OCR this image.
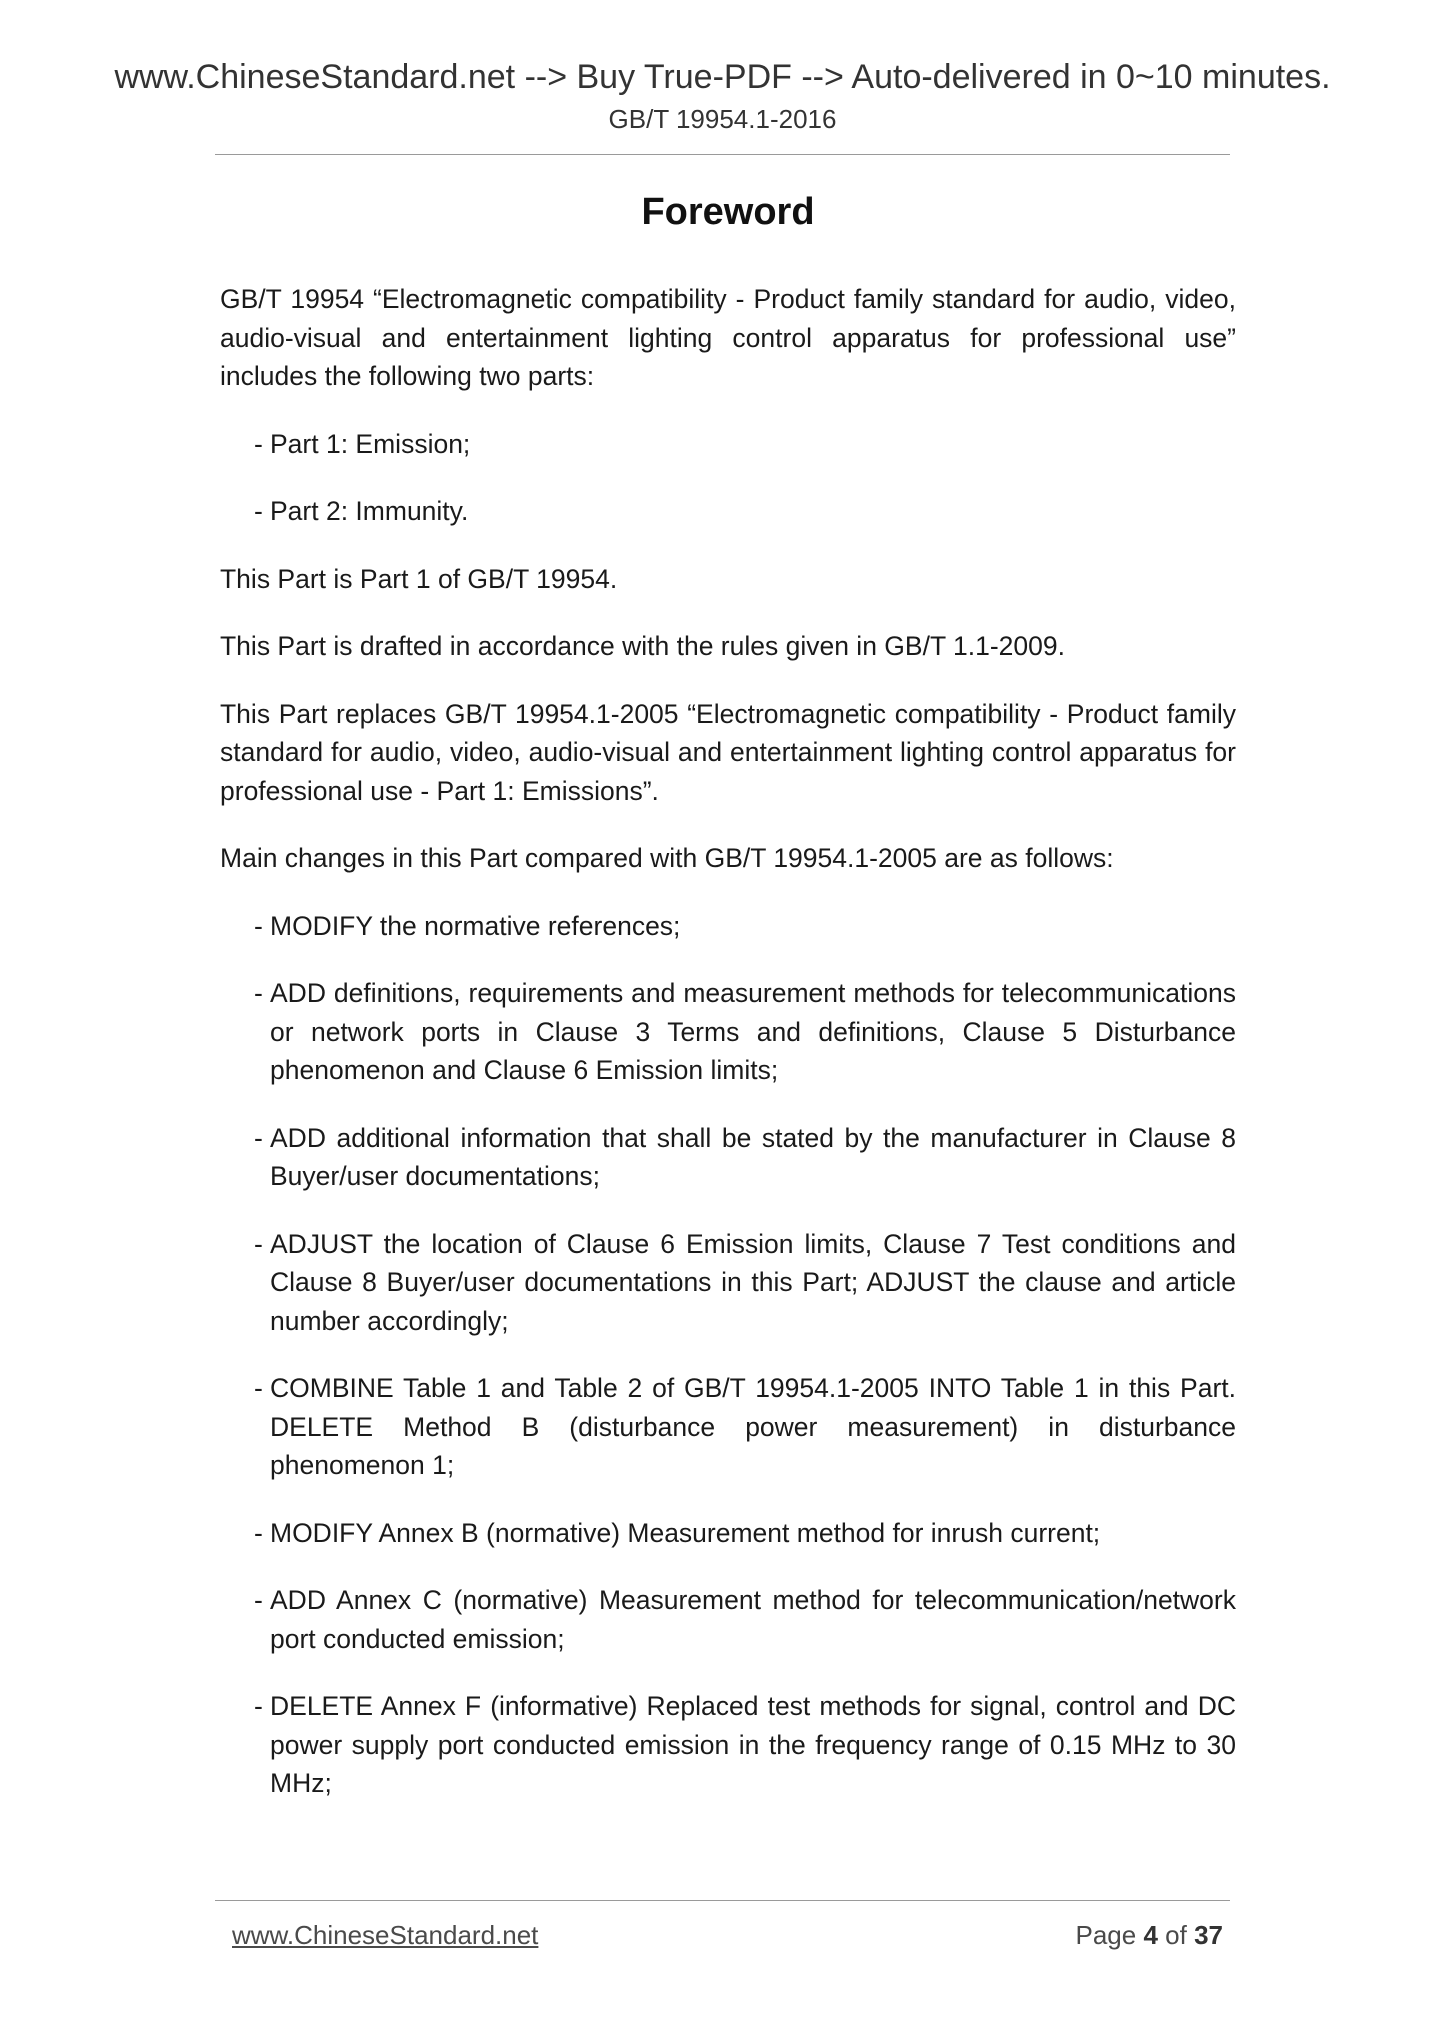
www.ChineseStandard.net --> Buy True-PDF --> Auto-delivered in 0~10 minutes.
GB/T 19954.1-2016
Foreword

GB/T 19954 “Electromagnetic compatibility - Product family standard for audio, video, audio-visual and entertainment lighting control apparatus for professional use” includes the following two parts:

- Part 1: Emission;
- Part 2: Immunity.

This Part is Part 1 of GB/T 19954.

This Part is drafted in accordance with the rules given in GB/T 1.1-2009.

This Part replaces GB/T 19954.1-2005 “Electromagnetic compatibility - Product family standard for audio, video, audio-visual and entertainment lighting control apparatus for professional use - Part 1: Emissions”.

Main changes in this Part compared with GB/T 19954.1-2005 are as follows:

- MODIFY the normative references;
- ADD definitions, requirements and measurement methods for telecommunications or network ports in Clause 3 Terms and definitions, Clause 5 Disturbance phenomenon and Clause 6 Emission limits;
- ADD additional information that shall be stated by the manufacturer in Clause 8 Buyer/user documentations;
- ADJUST the location of Clause 6 Emission limits, Clause 7 Test conditions and Clause 8 Buyer/user documentations in this Part; ADJUST the clause and article number accordingly;
- COMBINE Table 1 and Table 2 of GB/T 19954.1-2005 INTO Table 1 in this Part. DELETE Method B (disturbance power measurement) in disturbance phenomenon 1;
- MODIFY Annex B (normative) Measurement method for inrush current;
- ADD Annex C (normative) Measurement method for telecommunication/network port conducted emission;
- DELETE Annex F (informative) Replaced test methods for signal, control and DC power supply port conducted emission in the frequency range of 0.15 MHz to 30 MHz;
www.ChineseStandard.net	Page 4 of 37
